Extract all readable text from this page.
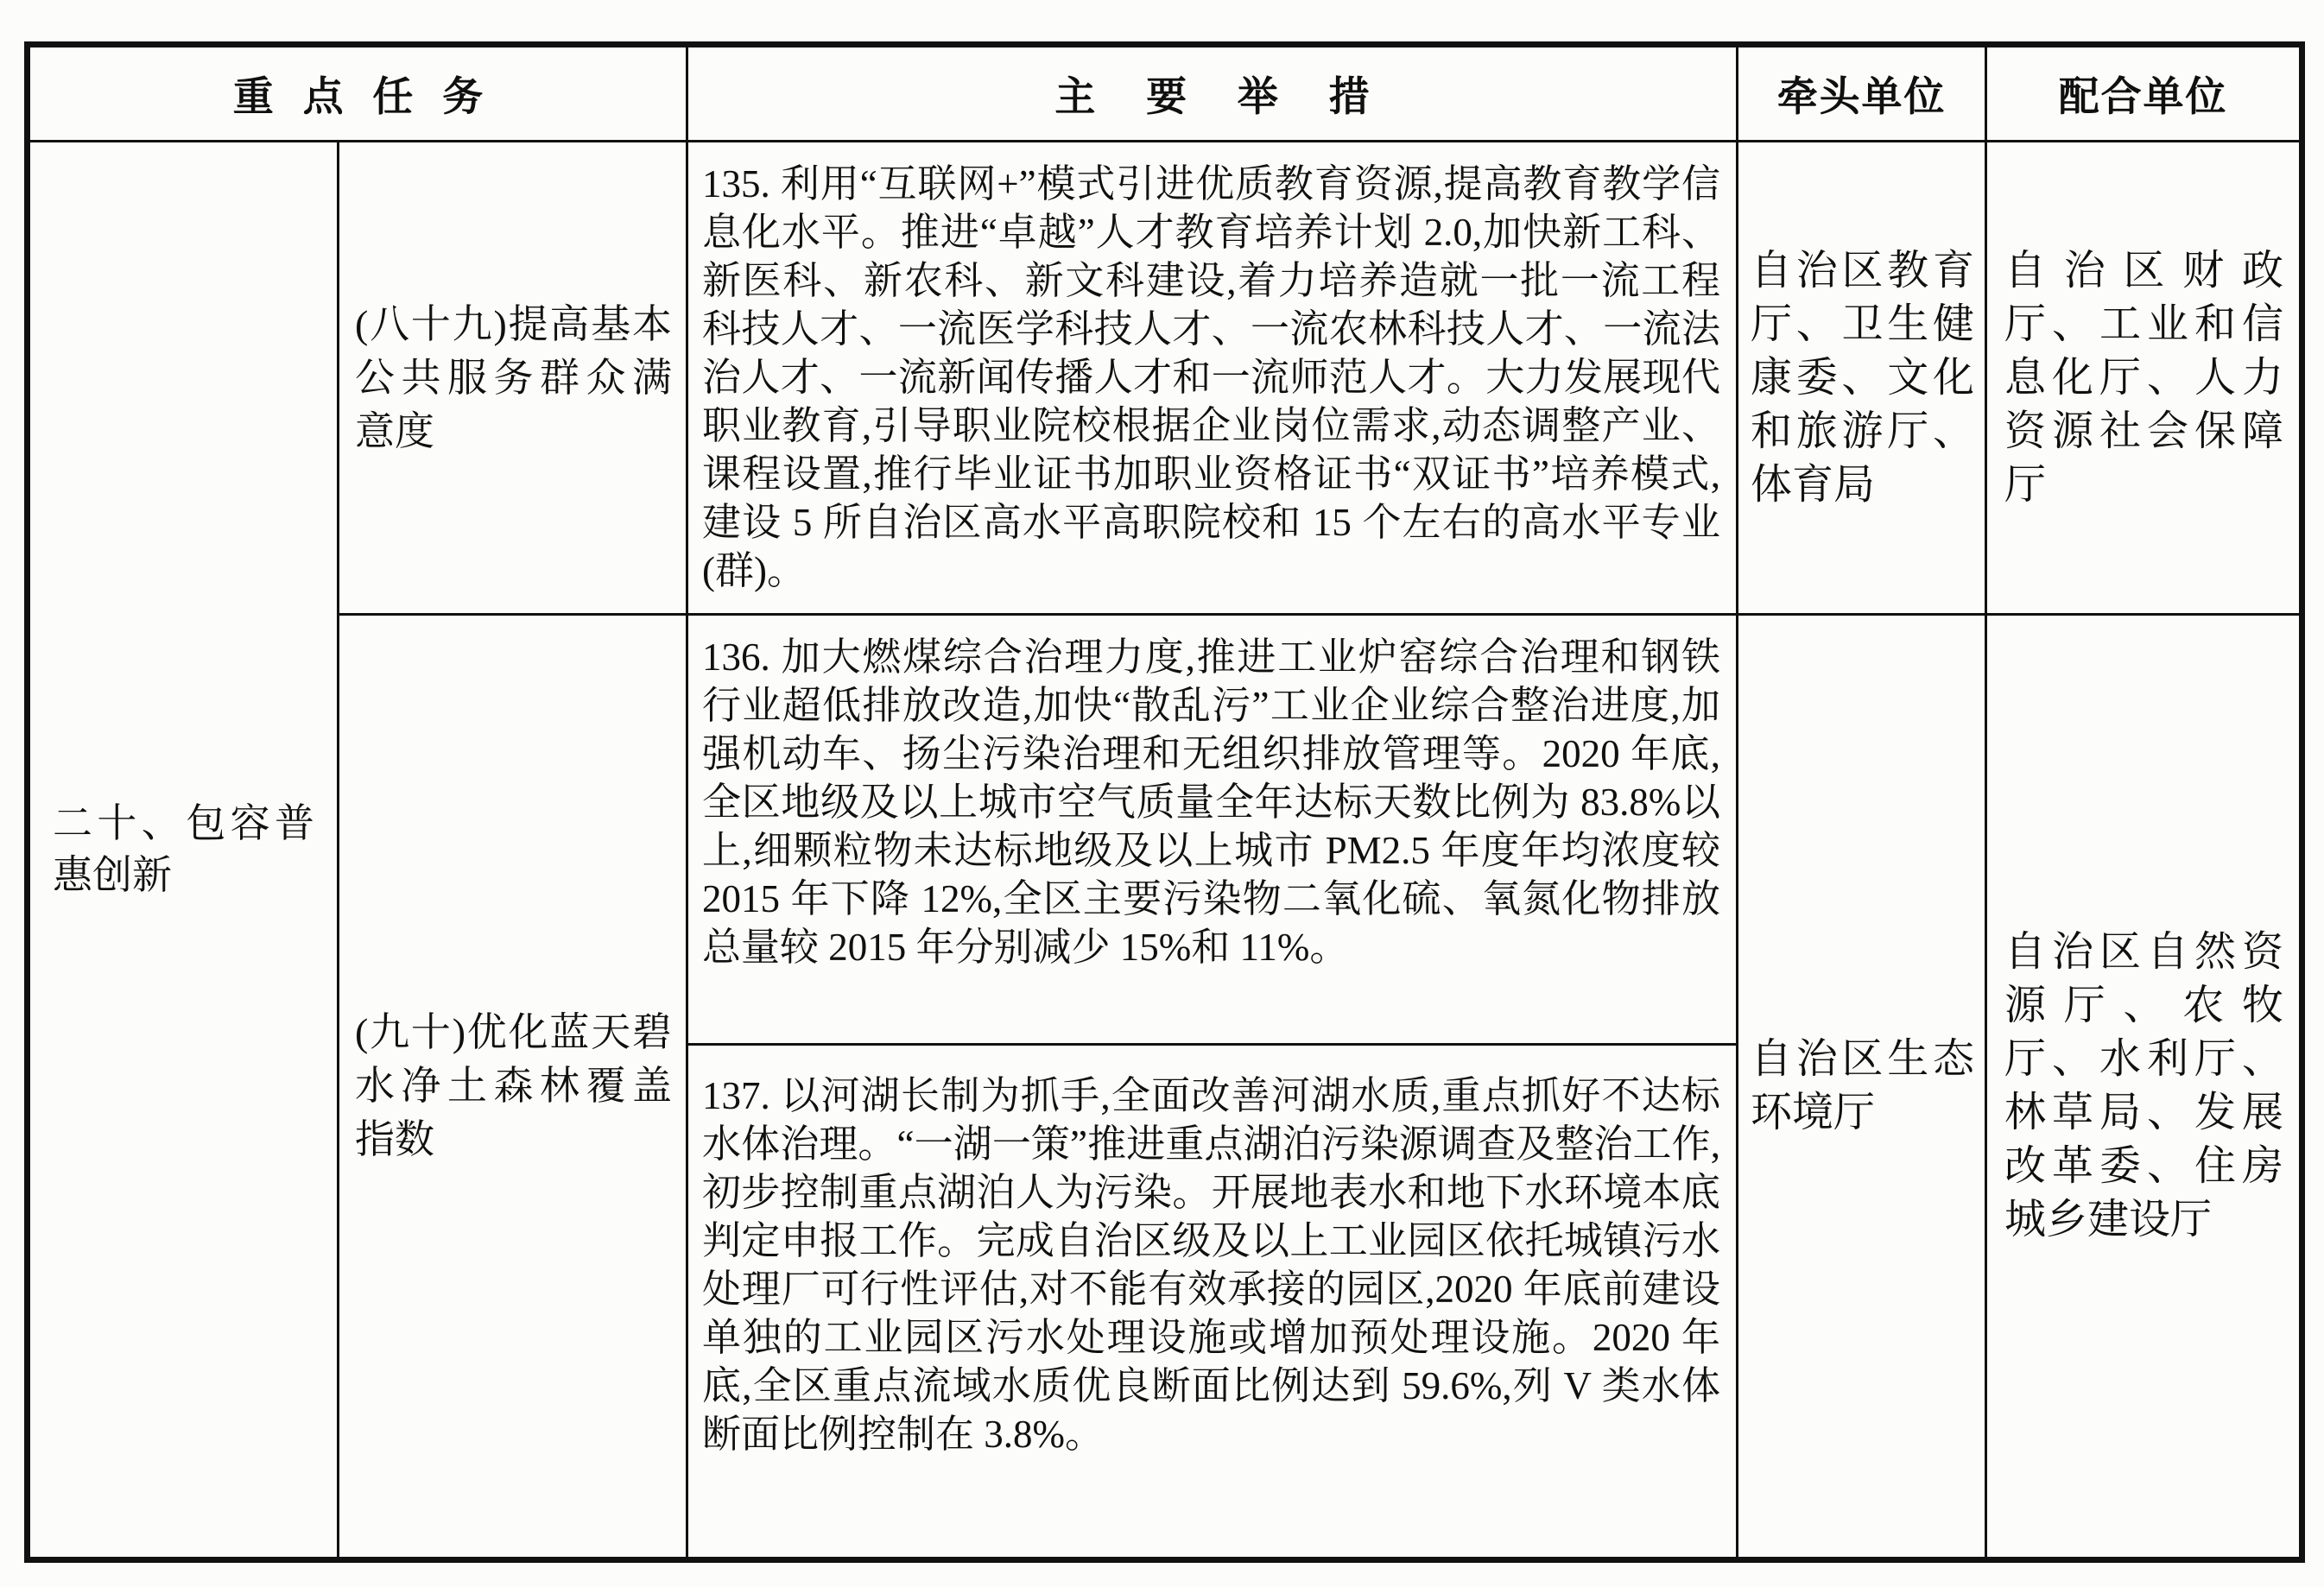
重点任务		主要举措	牵头单位	配合单位
二十、包容普惠创新	(八十九)提高基本公共服务群众满意度	135. 利用“互联网+”模式引进优质教育资源,提高教育教学信息化水平。推进“卓越”人才教育培养计划 2.0,加快新工科、新医科、新农科、新文科建设,着力培养造就一批一流工程科技人才、一流医学科技人才、一流农林科技人才、一流法治人才、一流新闻传播人才和一流师范人才。大力发展现代职业教育,引导职业院校根据企业岗位需求,动态调整产业、课程设置,推行毕业证书加职业资格证书“双证书”培养模式,建设 5 所自治区高水平高职院校和 15 个左右的高水平专业(群)。	自治区教育厅、卫生健康委、文化和旅游厅、体育局	自治区财政厅、工业和信息化厅、人力资源社会保障厅
	(九十)优化蓝天碧水净土森林覆盖指数	136. 加大燃煤综合治理力度,推进工业炉窑综合治理和钢铁行业超低排放改造,加快“散乱污”工业企业综合整治进度,加强机动车、扬尘污染治理和无组织排放管理等。2020 年底,全区地级及以上城市空气质量全年达标天数比例为 83.8%以上,细颗粒物未达标地级及以上城市 PM2.5 年度年均浓度较 2015 年下降 12%,全区主要污染物二氧化硫、氧氮化物排放总量较 2015 年分别减少 15%和 11%。	自治区生态环境厅	自治区自然资源厅、农牧厅、水利厅、林草局、发展改革委、住房城乡建设厅
		137. 以河湖长制为抓手,全面改善河湖水质,重点抓好不达标水体治理。“一湖一策”推进重点湖泊污染源调查及整治工作,初步控制重点湖泊人为污染。开展地表水和地下水环境本底判定申报工作。完成自治区级及以上工业园区依托城镇污水处理厂可行性评估,对不能有效承接的园区,2020 年底前建设单独的工业园区污水处理设施或增加预处理设施。2020 年底,全区重点流域水质优良断面比例达到 59.6%,列 V 类水体断面比例控制在 3.8%。		
